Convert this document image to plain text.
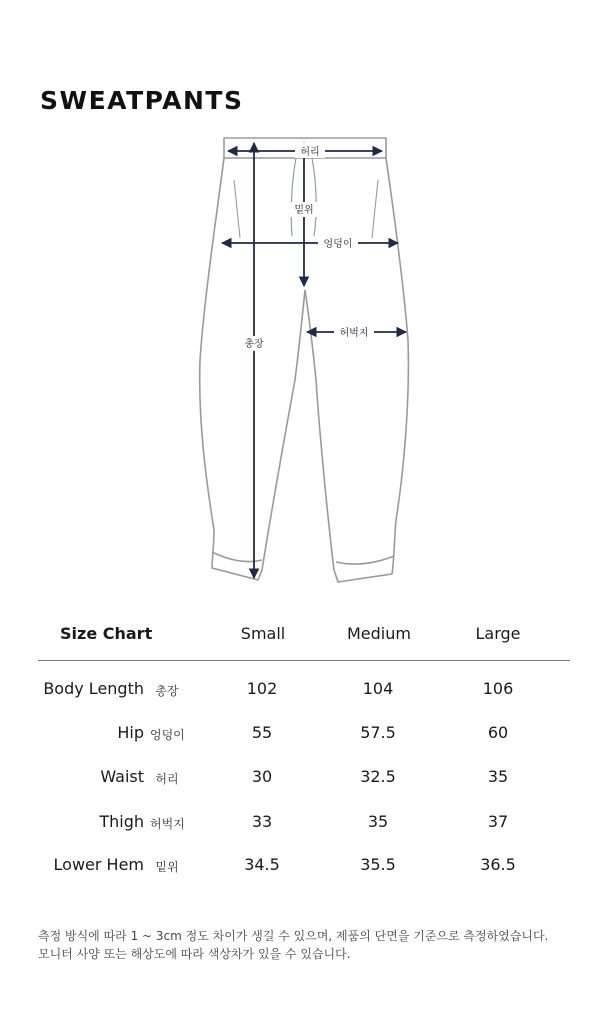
SWEATPANTS
허리
엉덩이
허벅지
밑위
총장
Size Chart	Small	Medium	Large
Body Length 총장	102	104	106
Hip 엉덩이	55	57.5	60
Waist 허리	30	32.5	35
Thigh 허벅지	33	35	37
Lower Hem 밑위	34.5	35.5	36.5
측정 방식에 따라 1 ~ 3cm 정도 차이가 생길 수 있으며, 제품의 단면을 기준으로 측정하였습니다.
모니터 사양 또는 해상도에 따라 색상차가 있을 수 있습니다.
